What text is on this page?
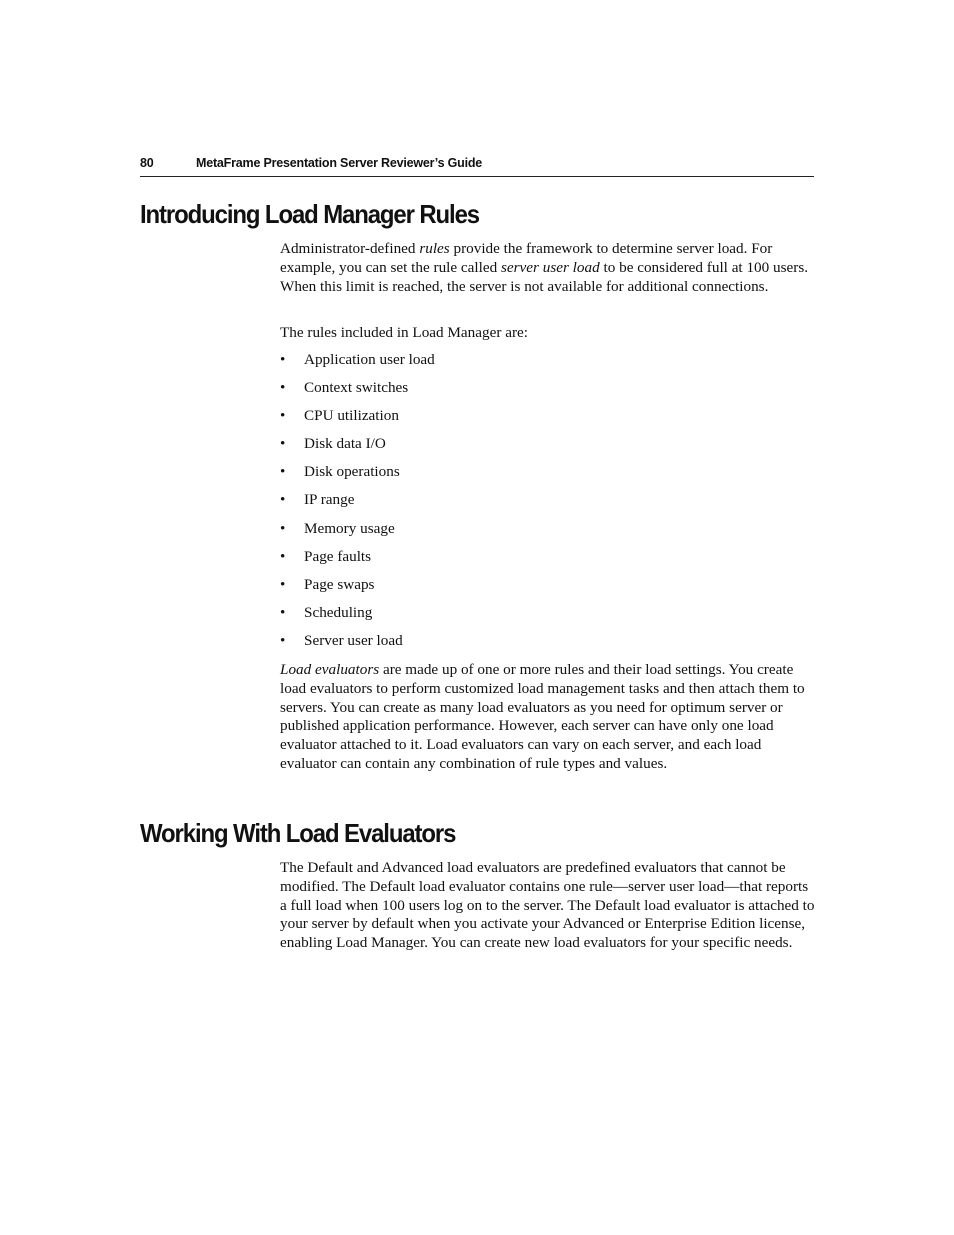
80	MetaFrame Presentation Server Reviewer’s Guide
Introducing Load Manager Rules

Administrator-defined rules provide the framework to determine server load. For example, you can set the rule called server user load to be considered full at 100 users. When this limit is reached, the server is not available for additional connections.

The rules included in Load Manager are:

• Application user load
• Context switches
• CPU utilization
• Disk data I/O
• Disk operations
• IP range
• Memory usage
• Page faults
• Page swaps
• Scheduling
• Server user load

Load evaluators are made up of one or more rules and their load settings. You create load evaluators to perform customized load management tasks and then attach them to servers. You can create as many load evaluators as you need for optimum server or published application performance. However, each server can have only one load evaluator attached to it. Load evaluators can vary on each server, and each load evaluator can contain any combination of rule types and values.

Working With Load Evaluators

The Default and Advanced load evaluators are predefined evaluators that cannot be modified. The Default load evaluator contains one rule—server user load—that reports a full load when 100 users log on to the server. The Default load evaluator is attached to your server by default when you activate your Advanced or Enterprise Edition license, enabling Load Manager. You can create new load evaluators for your specific needs.
